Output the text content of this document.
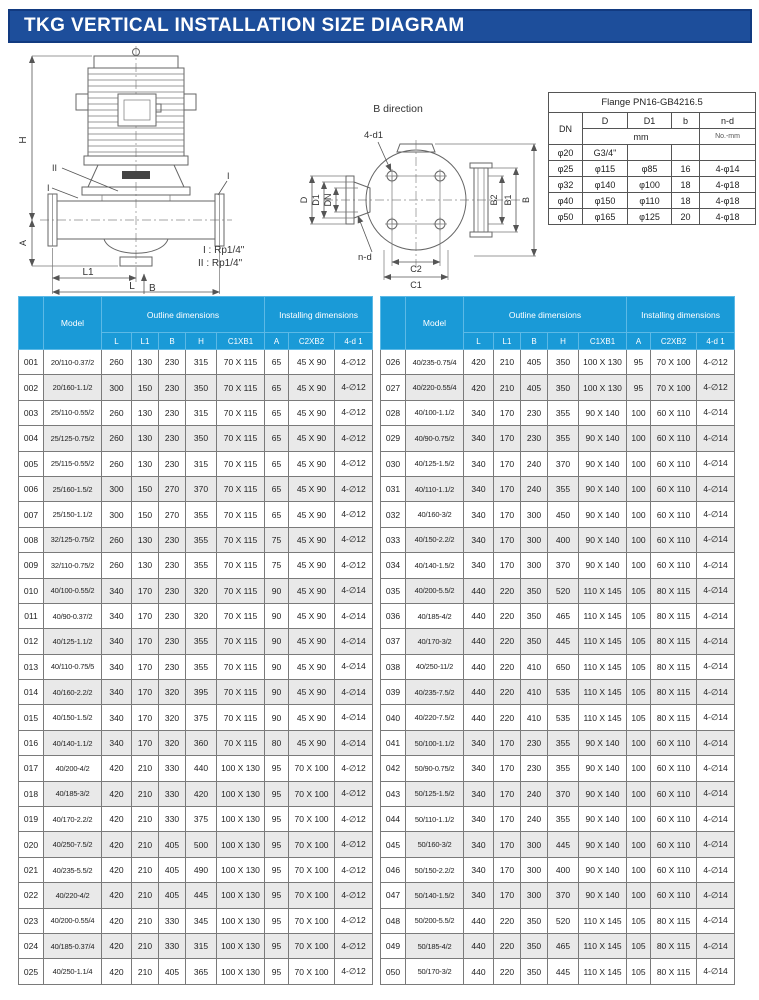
TKG VERTICAL INSTALLATION SIZE DIAGRAM
II
I
I
H
A
L1
L B
I : Rp1/4"
II : Rp1/4"
B direction
D D1 DN
4-d1
n-d
B2 B1 B
C2
C1
Flange PN16-GB4216.5				
DN	D	D1	b	n-d
	mm			No.-mm
φ20	G3/4"			
φ25	φ115	φ85	16	4-φ14
φ32	φ140	φ100	18	4-φ18
φ40	φ150	φ110	18	4-φ18
φ50	φ165	φ125	20	4-φ18
	Model	Outline dimensions					Installing dimensions		
		L	L1	B	H	C1XB1	A	C2XB2	4-d 1
001	20/110-0.37/2	260	130	230	315	70 X 115	65	45 X 90	4-∅12
002	20/160-1.1/2	300	150	230	350	70 X 115	65	45 X 90	4-∅12
003	25/110-0.55/2	260	130	230	315	70 X 115	65	45 X 90	4-∅12
004	25/125-0.75/2	260	130	230	350	70 X 115	65	45 X 90	4-∅12
005	25/115-0.55/2	260	130	230	315	70 X 115	65	45 X 90	4-∅12
006	25/160-1.5/2	300	150	270	370	70 X 115	65	45 X 90	4-∅12
007	25/150-1.1/2	300	150	270	355	70 X 115	65	45 X 90	4-∅12
008	32/125-0.75/2	260	130	230	355	70 X 115	75	45 X 90	4-∅12
009	32/110-0.75/2	260	130	230	355	70 X 115	75	45 X 90	4-∅12
010	40/100-0.55/2	340	170	230	320	70 X 115	90	45 X 90	4-∅14
011	40/90-0.37/2	340	170	230	320	70 X 115	90	45 X 90	4-∅14
012	40/125-1.1/2	340	170	230	355	70 X 115	90	45 X 90	4-∅14
013	40/110-0.75/5	340	170	230	355	70 X 115	90	45 X 90	4-∅14
014	40/160-2.2/2	340	170	320	395	70 X 115	90	45 X 90	4-∅14
015	40/150-1.5/2	340	170	320	375	70 X 115	90	45 X 90	4-∅14
016	40/140-1.1/2	340	170	320	360	70 X 115	80	45 X 90	4-∅14
017	40/200-4/2	420	210	330	440	100 X 130	95	70 X 100	4-∅12
018	40/185-3/2	420	210	330	420	100 X 130	95	70 X 100	4-∅12
019	40/170-2.2/2	420	210	330	375	100 X 130	95	70 X 100	4-∅12
020	40/250-7.5/2	420	210	405	500	100 X 130	95	70 X 100	4-∅12
021	40/235-5.5/2	420	210	405	490	100 X 130	95	70 X 100	4-∅12
022	40/220-4/2	420	210	405	445	100 X 130	95	70 X 100	4-∅12
023	40/200-0.55/4	420	210	330	345	100 X 130	95	70 X 100	4-∅12
024	40/185-0.37/4	420	210	330	315	100 X 130	95	70 X 100	4-∅12
025	40/250-1.1/4	420	210	405	365	100 X 130	95	70 X 100	4-∅12
	Model	Outline dimensions					Installing dimensions		
		L	L1	B	H	C1XB1	A	C2XB2	4-d 1
026	40/235-0.75/4	420	210	405	350	100 X 130	95	70 X 100	4-∅12
027	40/220-0.55/4	420	210	405	350	100 X 130	95	70 X 100	4-∅12
028	40/100-1.1/2	340	170	230	355	90 X 140	100	60 X 110	4-∅14
029	40/90-0.75/2	340	170	230	355	90 X 140	100	60 X 110	4-∅14
030	40/125-1.5/2	340	170	240	370	90 X 140	100	60 X 110	4-∅14
031	40/110-1.1/2	340	170	240	355	90 X 140	100	60 X 110	4-∅14
032	40/160-3/2	340	170	300	450	90 X 140	100	60 X 110	4-∅14
033	40/150-2.2/2	340	170	300	400	90 X 140	100	60 X 110	4-∅14
034	40/140-1.5/2	340	170	300	370	90 X 140	100	60 X 110	4-∅14
035	40/200-5.5/2	440	220	350	520	110 X 145	105	80 X 115	4-∅14
036	40/185-4/2	440	220	350	465	110 X 145	105	80 X 115	4-∅14
037	40/170-3/2	440	220	350	445	110 X 145	105	80 X 115	4-∅14
038	40/250-11/2	440	220	410	650	110 X 145	105	80 X 115	4-∅14
039	40/235-7.5/2	440	220	410	535	110 X 145	105	80 X 115	4-∅14
040	40/220-7.5/2	440	220	410	535	110 X 145	105	80 X 115	4-∅14
041	50/100-1.1/2	340	170	230	355	90 X 140	100	60 X 110	4-∅14
042	50/90-0.75/2	340	170	230	355	90 X 140	100	60 X 110	4-∅14
043	50/125-1.5/2	340	170	240	370	90 X 140	100	60 X 110	4-∅14
044	50/110-1.1/2	340	170	240	355	90 X 140	100	60 X 110	4-∅14
045	50/160-3/2	340	170	300	445	90 X 140	100	60 X 110	4-∅14
046	50/150-2.2/2	340	170	300	400	90 X 140	100	60 X 110	4-∅14
047	50/140-1.5/2	340	170	300	370	90 X 140	100	60 X 110	4-∅14
048	50/200-5.5/2	440	220	350	520	110 X 145	105	80 X 115	4-∅14
049	50/185-4/2	440	220	350	465	110 X 145	105	80 X 115	4-∅14
050	50/170-3/2	440	220	350	445	110 X 145	105	80 X 115	4-∅14
